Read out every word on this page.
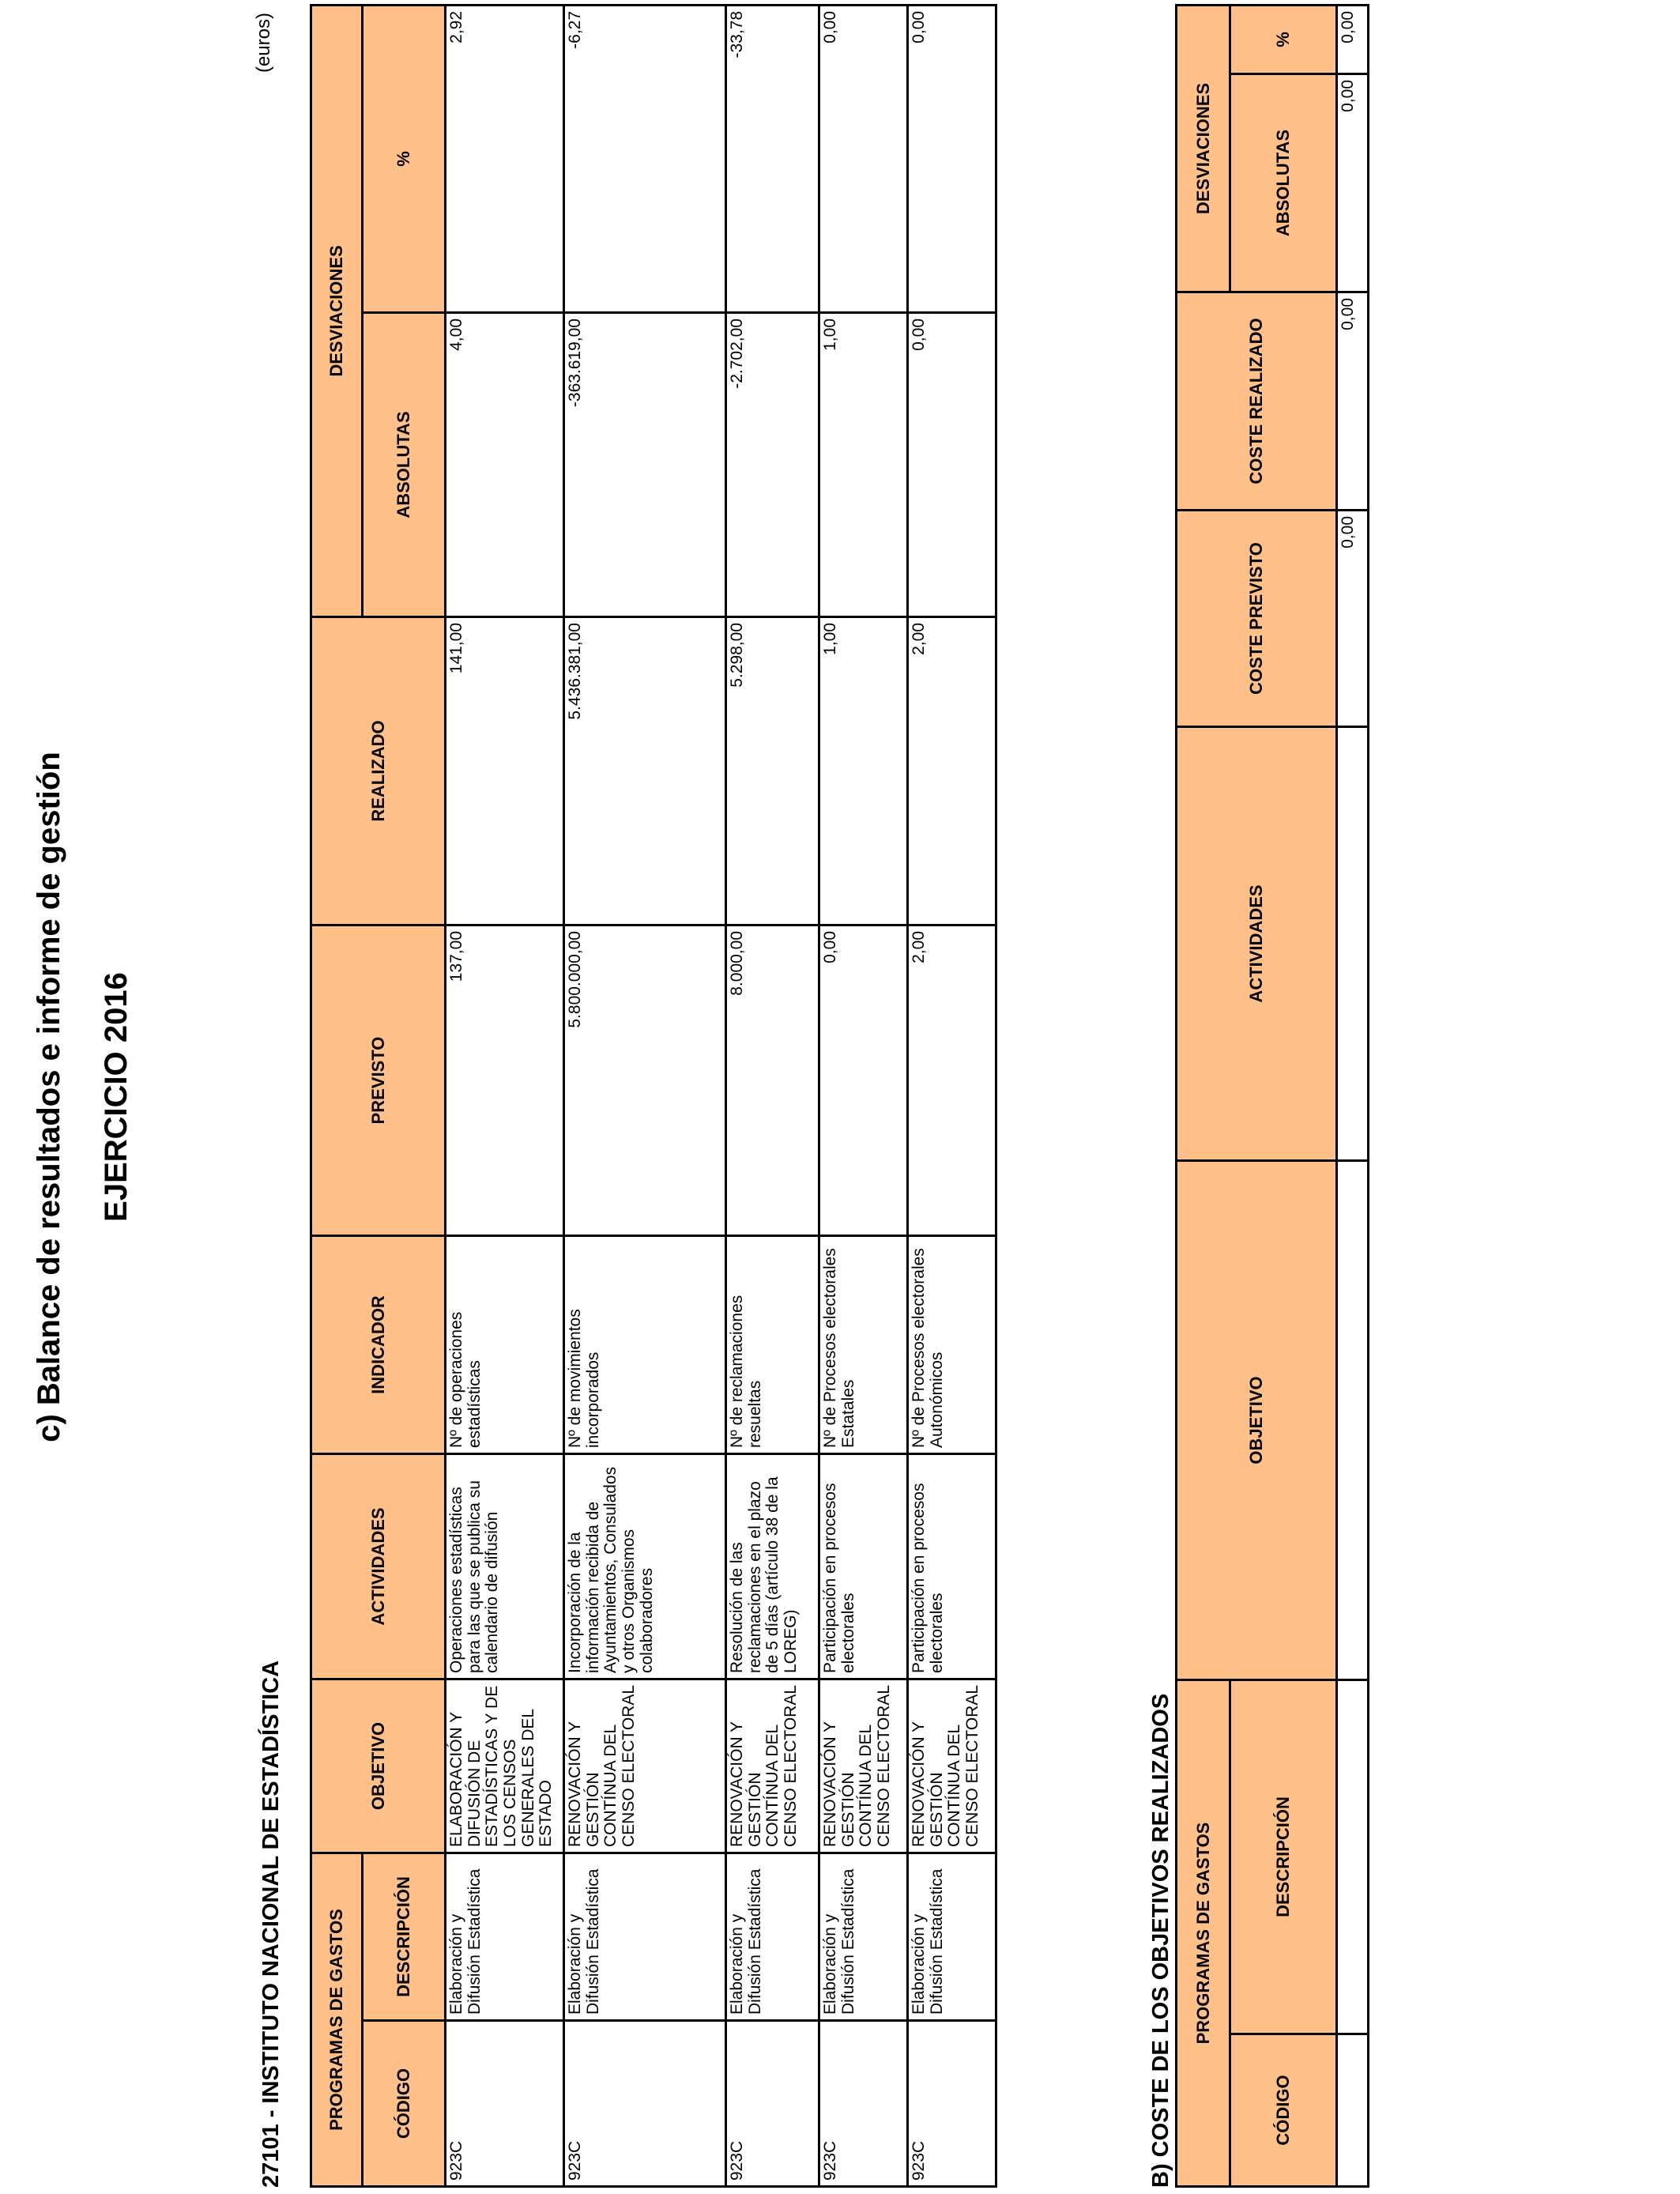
c) Balance de resultados e informe de gestión EJERCICIO 2016
27101 - INSTITUTO NACIONAL DE ESTADÍSTICA
(euros)
PROGRAMAS DE GASTOS		OBJETIVO	ACTIVIDADES	INDICADOR	PREVISTO	REALIZADO	DESVIACIONES	
CÓDIGO	DESCRIPCIÓN						ABSOLUTAS	%
923C	Elaboración y Difusión Estadística	ELABORACIÓN Y DIFUSIÓN DE ESTADÍSTICAS Y DE LOS CENSOS GENERALES DEL ESTADO	Operaciones estadísticas para las que se publica su calendario de difusión	Nº de operaciones estadísticas	137,00	141,00	4,00	2,92
923C	Elaboración y Difusión Estadística	RENOVACIÓN Y GESTIÓN CONTÍNUA DEL CENSO ELECTORAL	Incorporación de la información recibida de Ayuntamientos, Consulados y otros Organismos colaboradores	Nº de movimientos incorporados	5.800.000,00	5.436.381,00	-363.619,00	-6,27
923C	Elaboración y Difusión Estadística	RENOVACIÓN Y GESTIÓN CONTÍNUA DEL CENSO ELECTORAL	Resolución de las reclamaciones en el plazo de 5 días (artículo 38 de la LOREG)	Nº de reclamaciones resueltas	8.000,00	5.298,00	-2.702,00	-33,78
923C	Elaboración y Difusión Estadística	RENOVACIÓN Y GESTIÓN CONTÍNUA DEL CENSO ELECTORAL	Participación en procesos electorales	Nº de Procesos electorales Estatales	0,00	1,00	1,00	0,00
923C	Elaboración y Difusión Estadística	RENOVACIÓN Y GESTIÓN CONTÍNUA DEL CENSO ELECTORAL	Participación en procesos electorales	Nº de Procesos electorales Autonómicos	2,00	2,00	0,00	0,00
B) COSTE DE LOS OBJETIVOS REALIZADOS PROGRAMAS DE GASTOS		OBJETIVO	ACTIVIDADES	COSTE PREVISTO	COSTE REALIZADO	DESVIACIONES	
CÓDIGO	DESCRIPCIÓN					ABSOLUTAS	%
				0,00	0,00	0,00	0,00
